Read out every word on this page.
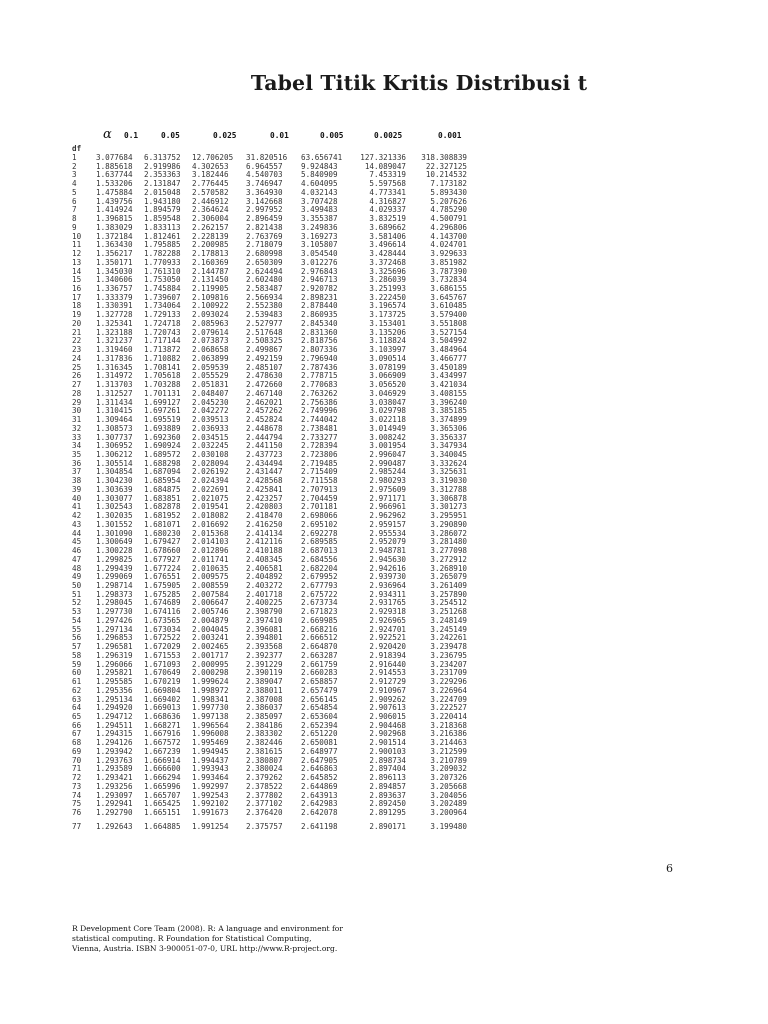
Tabel Titik Kritis Distribusi t
α 0.1	0.05	0.025	0.01	0.005	0.0025	0.001
df
1	3.077684 6.313752 12.706205 31.820516 63.656741	127.321336	318.308839
2	1.885618 2.919986 4.302653 6.964557 9.924843	14.089047	22.327125
3	1.637744 2.353363 3.182446 4.540703 5.840909	7.453319	10.214532
4	1.533206 2.131847 2.776445 3.746947 4.604095	5.597568	7.173182
5	1.475884 2.015048 2.570582 3.364930 4.032143	4.773341	5.893430
6	1.439756 1.943180 2.446912 3.142668 3.707428	4.316827	5.207626
7	1.414924 1.894579 2.364624 2.997952 3.499483	4.029337	4.785290
8	1.396815 1.859548 2.306004 2.896459 3.355387	3.832519	4.500791
9	1.383029 1.833113 2.262157 2.821438 3.249836	3.689662	4.296806
10 1.372184 1.812461 2.228139 2.763769 3.169273	3.581406	4.143700
11 1.363430 1.795885 2.200985 2.718079 3.105807	3.496614	4.024701
12 1.356217 1.782288 2.178813 2.680998 3.054540	3.428444	3.929633
13 1.350171 1.770933 2.160369 2.650309 3.012276	3.372468	3.851982
14 1.345030 1.761310 2.144787 2.624494 2.976843	3.325696	3.787390
15 1.340606 1.753050 2.131450 2.602480 2.946713	3.286039	3.732834
16 1.336757 1.745884 2.119905 2.583487 2.920782	3.251993	3.686155
17 1.333379 1.739607 2.109816 2.566934 2.898231	3.222450	3.645767
18 1.330391 1.734064 2.100922 2.552380 2.878440	3.196574	3.610485
19 1.327728 1.729133 2.093024 2.539483 2.860935	3.173725	3.579400
20 1.325341 1.724718 2.085963 2.527977 2.845340	3.153401	3.551808
21 1.323188 1.720743 2.079614 2.517648 2.831360	3.135206	3.527154
22 1.321237 1.717144 2.073873 2.508325 2.818756	3.118824	3.504992
23 1.319460 1.713872 2.068658 2.499867 2.807336	3.103997	3.484964
24 1.317836 1.710882 2.063899 2.492159 2.796940	3.090514	3.466777
25 1.316345 1.708141 2.059539 2.485107 2.787436	3.078199	3.450189
26 1.314972 1.705618 2.055529 2.478630 2.778715	3.066909	3.434997
27 1.313703 1.703288 2.051831 2.472660 2.770683	3.056520	3.421034
28 1.312527 1.701131 2.048407 2.467140 2.763262	3.046929	3.408155
29 1.311434 1.699127 2.045230 2.462021 2.756386	3.038047	3.396240
30 1.310415 1.697261 2.042272 2.457262 2.749996	3.029798	3.385185
31 1.309464 1.695519 2.039513 2.452824 2.744042	3.022118	3.374899
32 1.308573 1.693889 2.036933 2.448678 2.738481	3.014949	3.365306
33 1.307737 1.692360 2.034515 2.444794 2.733277	3.008242	3.356337
34 1.306952 1.690924 2.032245 2.441150 2.728394	3.001954	3.347934
35 1.306212 1.689572 2.030108 2.437723 2.723806	2.996047	3.340045
36 1.305514 1.688298 2.028094 2.434494 2.719485	2.990487	3.332624
37 1.304854 1.687094 2.026192 2.431447 2.715409	2.985244	3.325631
38 1.304230 1.685954 2.024394 2.428568 2.711558	2.980293	3.319030
39 1.303639 1.684875 2.022691 2.425841 2.707913	2.975609	3.312788
40 1.303077 1.683851 2.021075 2.423257 2.704459	2.971171	3.306878
41 1.302543 1.682878 2.019541 2.420803 2.701181	2.966961	3.301273
42 1.302035 1.681952 2.018082 2.418470 2.698066	2.962962	3.295951
43 1.301552 1.681071 2.016692 2.416250 2.695102	2.959157	3.290890
44 1.301090 1.680230 2.015368 2.414134 2.692278	2.955534	3.286072
45 1.300649 1.679427 2.014103 2.412116 2.689585	2.952079	3.281480
46 1.300228 1.678660 2.012896 2.410188 2.687013	2.948781	3.277098
47 1.299825 1.677927 2.011741 2.408345 2.684556	2.945630	3.272912
48 1.299439 1.677224 2.010635 2.406581 2.682204	2.942616	3.268910
49 1.299069 1.676551 2.009575 2.404892 2.679952	2.939730	3.265079
50 1.298714 1.675905 2.008559 2.403272 2.677793	2.936964	3.261409
51 1.298373 1.675285 2.007584 2.401718 2.675722	2.934311	3.257890
52 1.298045 1.674689 2.006647 2.400225 2.673734	2.931765	3.254512
53 1.297730 1.674116 2.005746 2.398790 2.671823	2.929318	3.251268
54 1.297426 1.673565 2.004879 2.397410 2.669985	2.926965	3.248149
55 1.297134 1.673034 2.004045 2.396081 2.668216	2.924701	3.245149
56 1.296853 1.672522 2.003241 2.394801 2.666512	2.922521	3.242261
57 1.296581 1.672029 2.002465 2.393568 2.664870	2.920420	3.239478
58 1.296319 1.671553 2.001717 2.392377 2.663287	2.918394	3.236795
59 1.296066 1.671093 2.000995 2.391229 2.661759	2.916440	3.234207
60 1.295821 1.670649 2.000298 2.390119 2.660283	2.914553	3.231709
61 1.295585 1.670219 1.999624 2.389047 2.658857	2.912729	3.229296
62 1.295356 1.669804 1.998972 2.388011 2.657479	2.910967	3.226964
63 1.295134 1.669402 1.998341 2.387008 2.656145	2.909262	3.224709
64 1.294920 1.669013 1.997730 2.386037 2.654854	2.907613	3.222527
65 1.294712 1.668636 1.997138 2.385097 2.653604	2.906015	3.220414
66 1.294511 1.668271 1.996564 2.384186 2.652394	2.904468	3.218368
67 1.294315 1.667916 1.996008 2.383302 2.651220	2.902968	3.216386
68 1.294126 1.667572 1.995469 2.382446 2.650081	2.901514	3.214463
69 1.293942 1.667239 1.994945 2.381615 2.648977	2.900103	3.212599
70 1.293763 1.666914 1.994437 2.380807 2.647905	2.898734	3.210789
71 1.293589 1.666600 1.993943 2.380024 2.646863	2.897404	3.209032
72 1.293421 1.666294 1.993464 2.379262 2.645852	2.896113	3.207326
73 1.293256 1.665996 1.992997 2.378522 2.644869	2.894857	3.205668
74 1.293097 1.665707 1.992543 2.377802 2.643913	2.893637	3.204056
75 1.292941 1.665425 1.992102 2.377102 2.642983	2.892450	3.202489
76 1.292790 1.665151 1.991673 2.376420 2.642078	2.891295	3.200964
77 1.292643 1.664885 1.991254 2.375757 2.641198	2.890171	3.199480
6
R Development Core Team (2008). R: A language and environment for
statistical computing. R Foundation for Statistical Computing,
Vienna, Austria. ISBN 3-900051-07-0, URL http://www.R-project.org.
